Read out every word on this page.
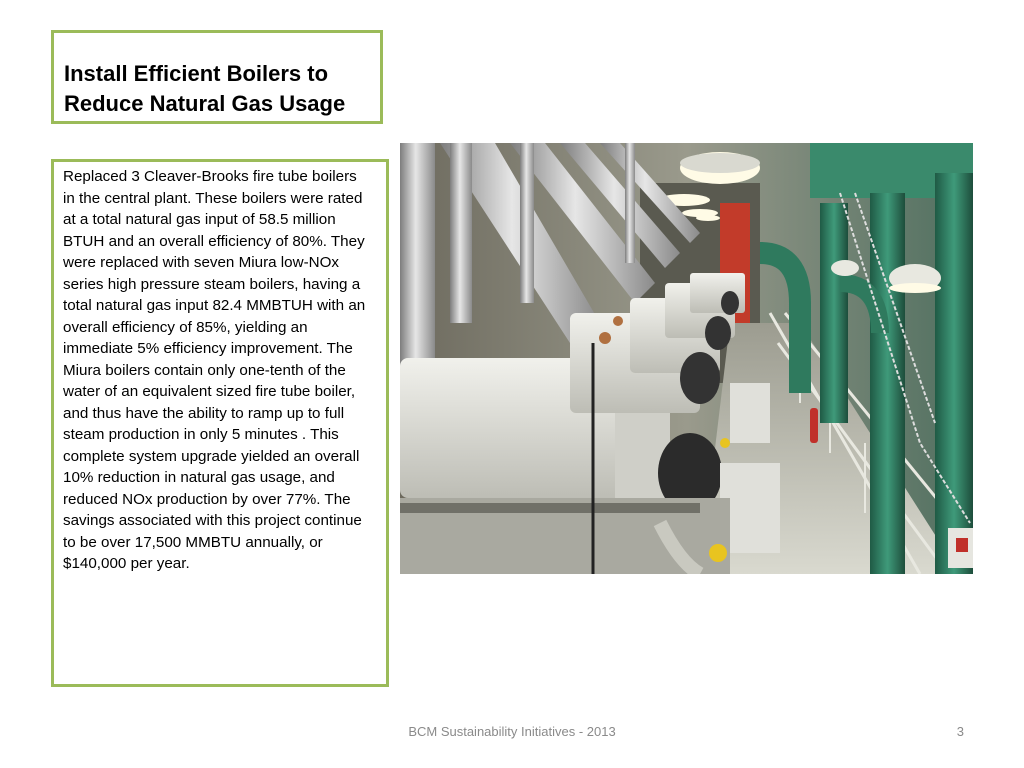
Install Efficient Boilers to
Reduce Natural Gas Usage
Replaced 3 Cleaver-Brooks fire tube boilers in the central plant. These boilers were rated at a total natural gas input of 58.5 million BTUH and an overall efficiency of 80%. They were replaced with seven Miura low-NOx series high pressure steam boilers, having a total natural gas input 82.4 MMBTUH with an overall efficiency of 85%, yielding an immediate 5% efficiency improvement. The Miura boilers contain only one-tenth of the water of an equivalent sized fire tube boiler, and thus have the ability to ramp up to full steam production in only 5 minutes . This complete system upgrade yielded an overall 10% reduction in natural gas usage, and reduced NOx production by over 77%. The savings associated with this project continue to be over 17,500 MMBTU annually, or $140,000 per year.
BCM Sustainability Initiatives - 2013	3
